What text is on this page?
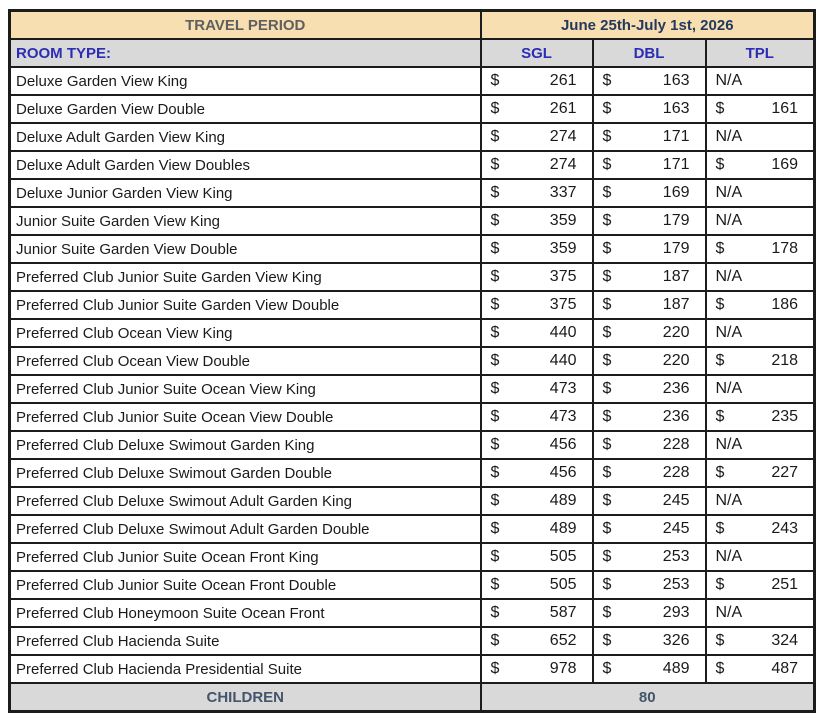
TRAVEL PERIOD	June 25th-July 1st, 2026		
ROOM TYPE:	SGL	DBL	TPL
Deluxe Garden View King	$ 261	$ 163	N/A

Deluxe Garden View Double	$ 261	$ 163	$ 161

Deluxe Adult Garden View King	$ 274	$ 171	N/A

Deluxe Adult Garden View Doubles	$ 274	$ 171	$ 169

Deluxe Junior Garden View King	$ 337	$ 169	N/A

Junior Suite Garden View King	$ 359	$ 179	N/A

Junior Suite Garden View Double	$ 359	$ 179	$ 178

Preferred Club Junior Suite Garden View King	$ 375	$ 187	N/A

Preferred Club Junior Suite Garden View Double	$ 375	$ 187	$ 186

Preferred Club Ocean View King	$ 440	$ 220	N/A

Preferred Club Ocean View Double	$ 440	$ 220	$ 218

Preferred Club Junior Suite Ocean View King	$ 473	$ 236	N/A

Preferred Club Junior Suite Ocean View Double	$ 473	$ 236	$ 235

Preferred Club Deluxe Swimout Garden King	$ 456	$ 228	N/A

Preferred Club Deluxe Swimout Garden Double	$ 456	$ 228	$ 227

Preferred Club Deluxe Swimout Adult Garden King	$ 489	$ 245	N/A

Preferred Club Deluxe Swimout Adult Garden Double	$ 489	$ 245	$ 243

Preferred Club Junior Suite Ocean Front King	$ 505	$ 253	N/A

Preferred Club Junior Suite Ocean Front Double	$ 505	$ 253	$ 251

Preferred Club Honeymoon Suite Ocean Front	$ 587	$ 293	N/A

Preferred Club Hacienda Suite	$ 652	$ 326	$ 324

Preferred Club Hacienda Presidential Suite	$ 978	$ 489	$ 487

CHILDREN	80		
